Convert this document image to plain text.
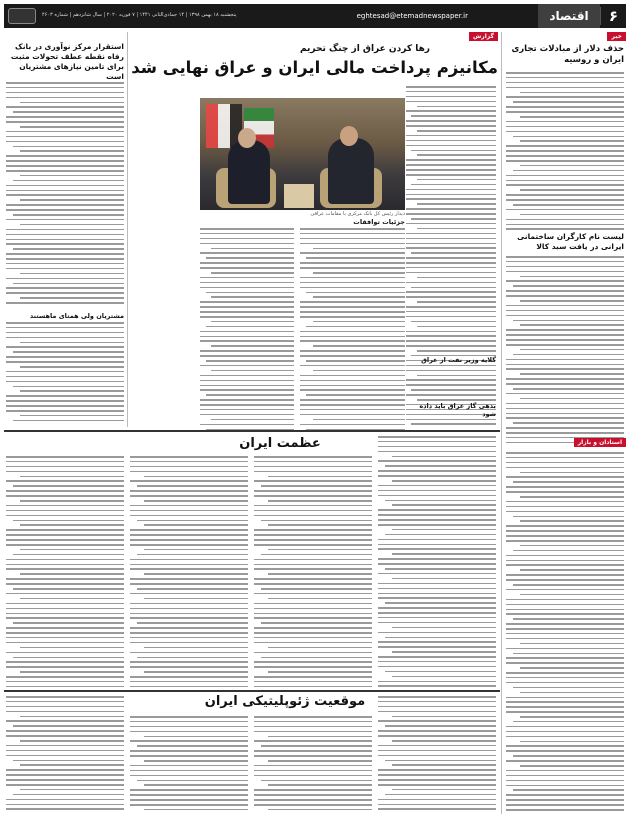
۶
اقتصاد
eghtesad@etemadnewspaper.ir
پنجشنبه ۱۸ بهمن ۱۳۹۸ | ۱۴ جمادی‌الثانی ۱۴۴۱ | ۷ فوریه ۲۰۲۰ | سال شانزدهم | شماره ۴۶۰۳
خبر
حذف دلار از مبادلات تجاری ایران و روسیه
لیست نام کارگران ساختمانی ایرانی در یافت سبد کالا
استادان و بازار
گزارش
رها کردن عراق از چنگ تحریم
مکانیزم پرداخت مالی ایران و عراق نهایی شد
دیدار رئیس کل بانک مرکزی با مقامات عراقی
جزئیات توافقات
گلایه وزیر نفت از عراق
بدهی گاز عراق باید داده شود
استقرار مرکز نوآوری در بانک رفاه نقطه عطف تحولات مثبت برای تامین نیازهای مشتریان است
مشتریان ولی همتای ماهستند
عظمت ایران
موقعیت ژئوپلیتیکی ایران
